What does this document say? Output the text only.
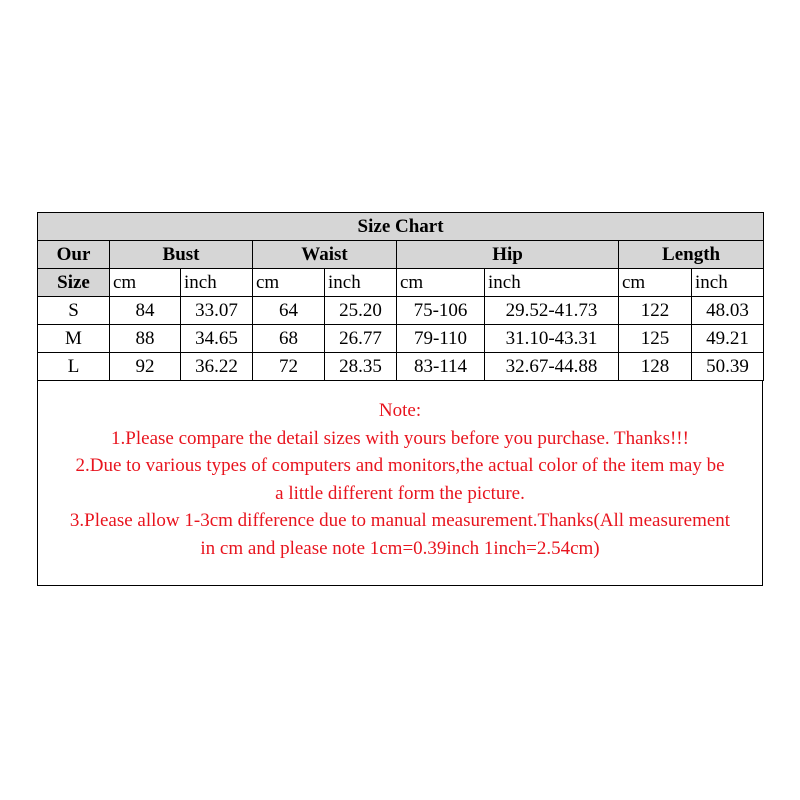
Size Chart								
Our	Bust		Waist		Hip		Length	
Size	cm	inch	cm	inch	cm	inch	cm	inch
S	84	33.07	64	25.20	75-106	29.52-41.73	122	48.03
M	88	34.65	68	26.77	79-110	31.10-43.31	125	49.21
L	92	36.22	72	28.35	83-114	32.67-44.88	128	50.39
Note:
1.Please compare the detail sizes with yours before you purchase. Thanks!!!
2.Due to various types of computers and monitors,the actual color of the item may be
a little different form the picture.
3.Please allow 1-3cm difference due to manual measurement.Thanks(All measurement
in cm and please note 1cm=0.39inch 1inch=2.54cm)
